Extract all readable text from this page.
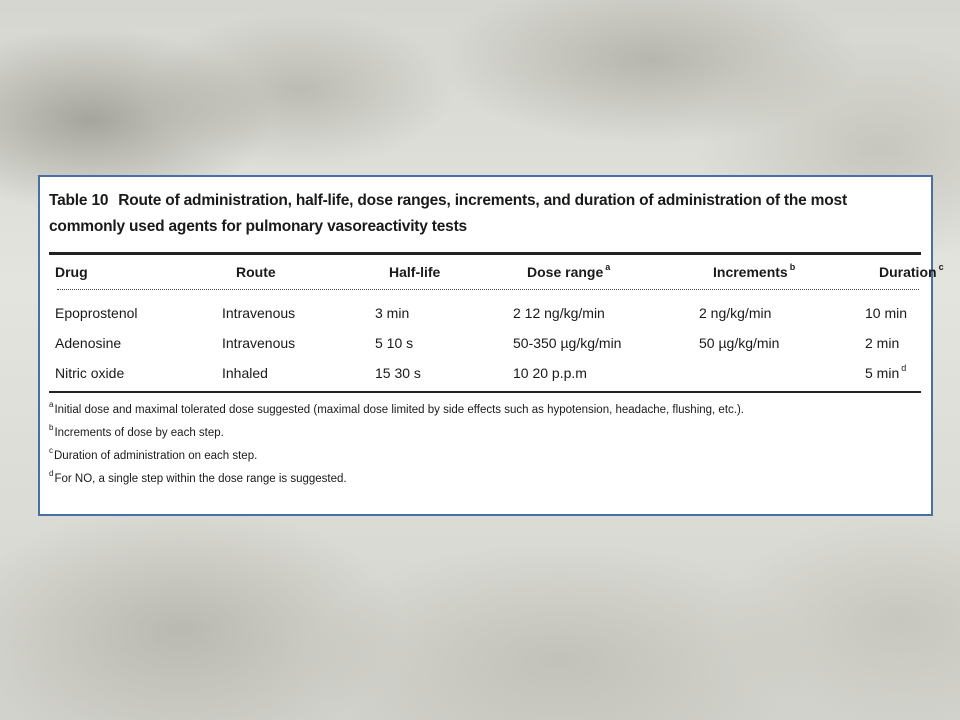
Table 10 Route of administration, half-life, dose ranges, increments, and duration of administration of the most commonly used agents for pulmonary vasoreactivity tests

Drug	Route	Half-life	Dose range $^a$	Increments $^b$	Duration $^c$
Epoprostenol	Intravenous	3 min	2 12 ng/kg/min	2 ng/kg/min	10 min
Adenosine	Intravenous	5 10 s	50-350 µg/kg/min	50 µg/kg/min	2 min
Nitric oxide	Inhaled	15 30 s	10 20 p.p.m		5 min $^d$
$^a$Initial dose and maximal tolerated dose suggested (maximal dose limited by side effects such as hypotension, headache, flushing, etc.).
$^b$Increments of dose by each step.
$^c$Duration of administration on each step.
$^d$For NO, a single step within the dose range is suggested.
